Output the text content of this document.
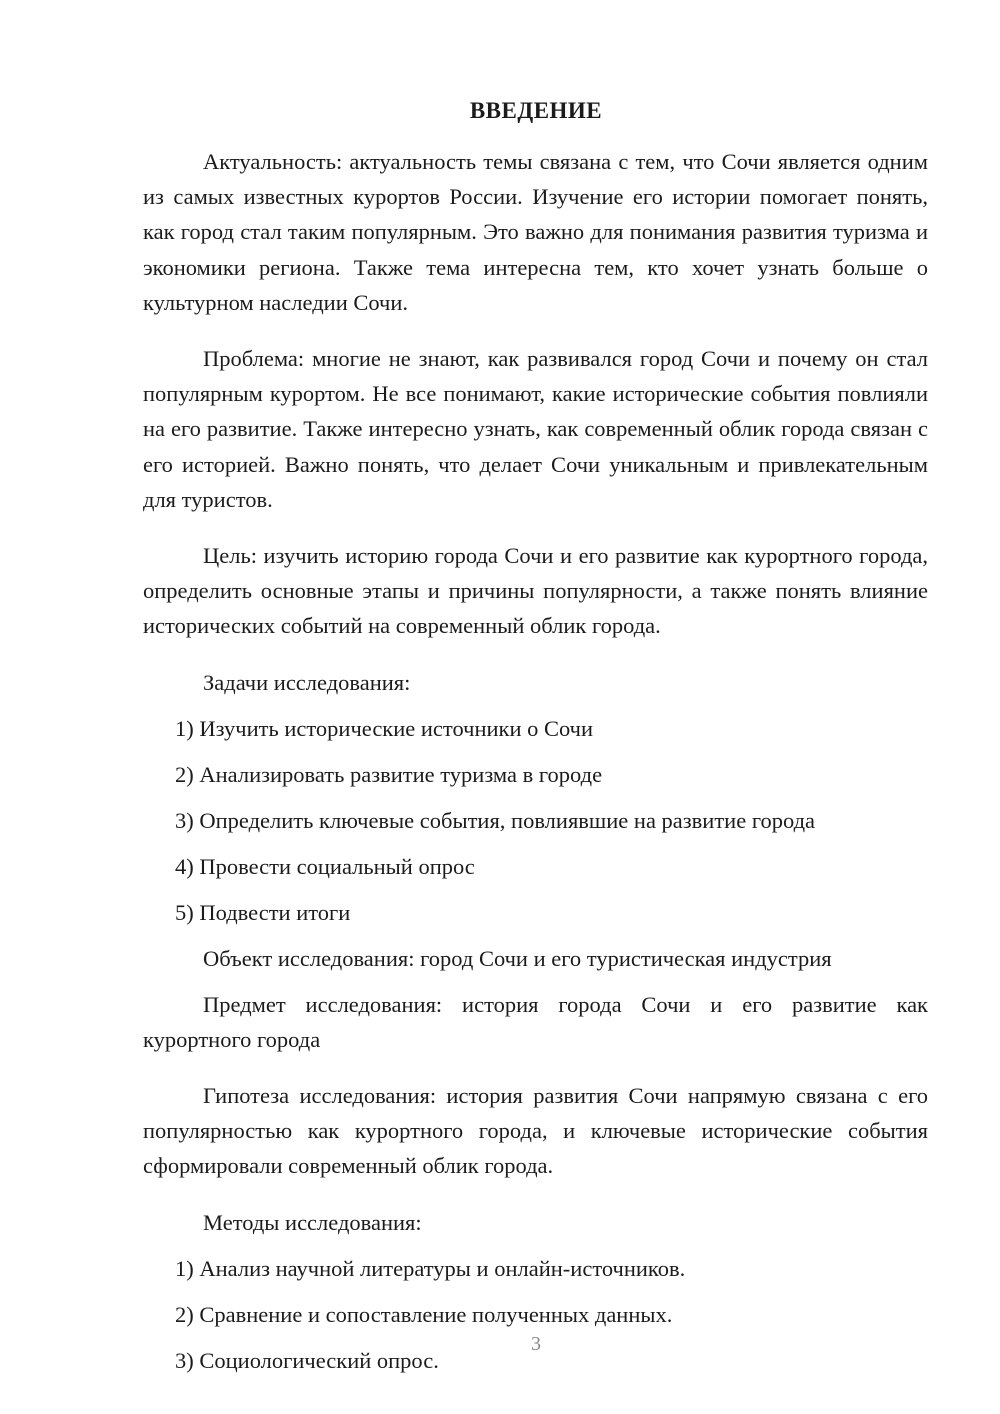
ВВЕДЕНИЕ

Актуальность: актуальность темы связана с тем, что Сочи является одним из самых известных курортов России. Изучение его истории помогает понять, как город стал таким популярным. Это важно для понимания развития туризма и экономики региона. Также тема интересна тем, кто хочет узнать больше о культурном наследии Сочи.

Проблема: многие не знают, как развивался город Сочи и почему он стал популярным курортом. Не все понимают, какие исторические события повлияли на его развитие. Также интересно узнать, как современный облик города связан с его историей. Важно понять, что делает Сочи уникальным и привлекательным для туристов.

Цель: изучить историю города Сочи и его развитие как курортного города, определить основные этапы и причины популярности, а также понять влияние исторических событий на современный облик города.

Задачи исследования:
1) Изучить исторические источники о Сочи
2) Анализировать развитие туризма в городе
3) Определить ключевые события, повлиявшие на развитие города
4) Провести социальный опрос
5) Подвести итоги
Объект исследования: город Сочи и его туристическая индустрия

Предмет исследования: история города Сочи и его развитие как курортного города

Гипотеза исследования: история развития Сочи напрямую связана с его популярностью как курортного города, и ключевые исторические события сформировали современный облик города.

Методы исследования:
1) Анализ научной литературы и онлайн-источников.
2) Сравнение и сопоставление полученных данных.
3) Социологический опрос.
3
